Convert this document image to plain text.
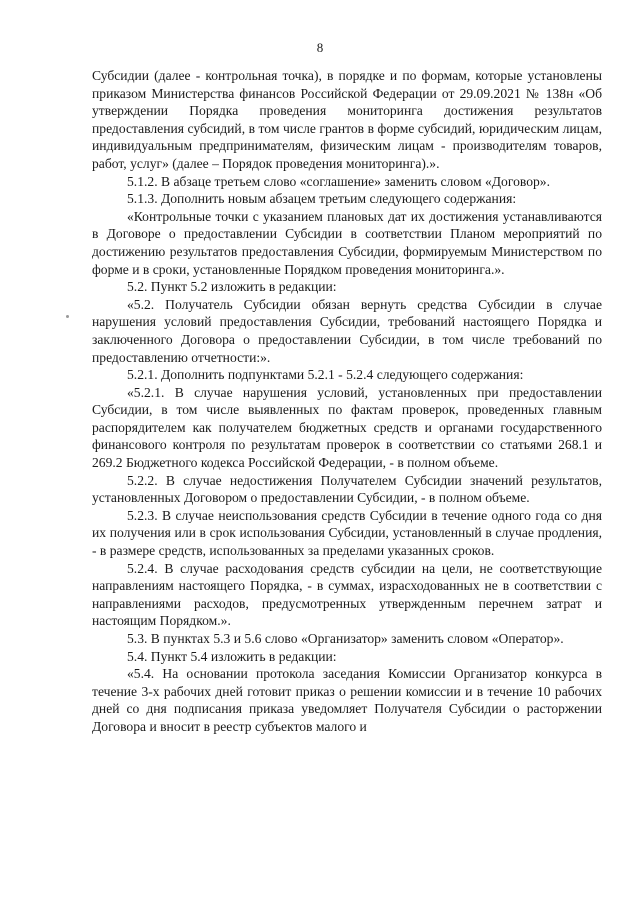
8

Субсидии (далее - контрольная точка), в порядке и по формам, которые установлены приказом Министерства финансов Российской Федерации от 29.09.2021 № 138н «Об утверждении Порядка проведения мониторинга достижения результатов предоставления субсидий, в том числе грантов в форме субсидий, юридическим лицам, индивидуальным предпринимателям, физическим лицам - производителям товаров, работ, услуг» (далее – Порядок проведения мониторинга).».

5.1.2. В абзаце третьем слово «соглашение» заменить словом «Договор».

5.1.3. Дополнить новым абзацем третьим следующего содержания:

«Контрольные точки с указанием плановых дат их достижения устанавливаются в Договоре о предоставлении Субсидии в соответствии Планом мероприятий по достижению результатов предоставления Субсидии, формируемым Министерством по форме и в сроки, установленные Порядком проведения мониторинга.».

5.2. Пункт 5.2 изложить в редакции:

«5.2. Получатель Субсидии обязан вернуть средства Субсидии в случае нарушения условий предоставления Субсидии, требований настоящего Порядка и заключенного Договора о предоставлении Субсидии, в том числе требований по предоставлению отчетности:».

5.2.1. Дополнить подпунктами 5.2.1 - 5.2.4 следующего содержания:

«5.2.1. В случае нарушения условий, установленных при предоставлении Субсидии, в том числе выявленных по фактам проверок, проведенных главным распорядителем как получателем бюджетных средств и органами государственного финансового контроля по результатам проверок в соответствии со статьями 268.1 и 269.2 Бюджетного кодекса Российской Федерации, - в полном объеме.

5.2.2. В случае недостижения Получателем Субсидии значений результатов, установленных Договором о предоставлении Субсидии, - в полном объеме.

5.2.3. В случае неиспользования средств Субсидии в течение одного года со дня их получения или в срок использования Субсидии, установленный в случае продления, - в размере средств, использованных за пределами указанных сроков.

5.2.4. В случае расходования средств субсидии на цели, не соответствующие направлениям настоящего Порядка, - в суммах, израсходованных не в соответствии с направлениями расходов, предусмотренных утвержденным перечнем затрат и настоящим Порядком.».

5.3. В пунктах 5.3 и 5.6 слово «Организатор» заменить словом «Оператор».

5.4. Пункт 5.4 изложить в редакции:

«5.4. На основании протокола заседания Комиссии Организатор конкурса в течение 3-х рабочих дней готовит приказ о решении комиссии и в течение 10 рабочих дней со дня подписания приказа уведомляет Получателя Субсидии о расторжении Договора и вносит в реестр субъектов малого и
